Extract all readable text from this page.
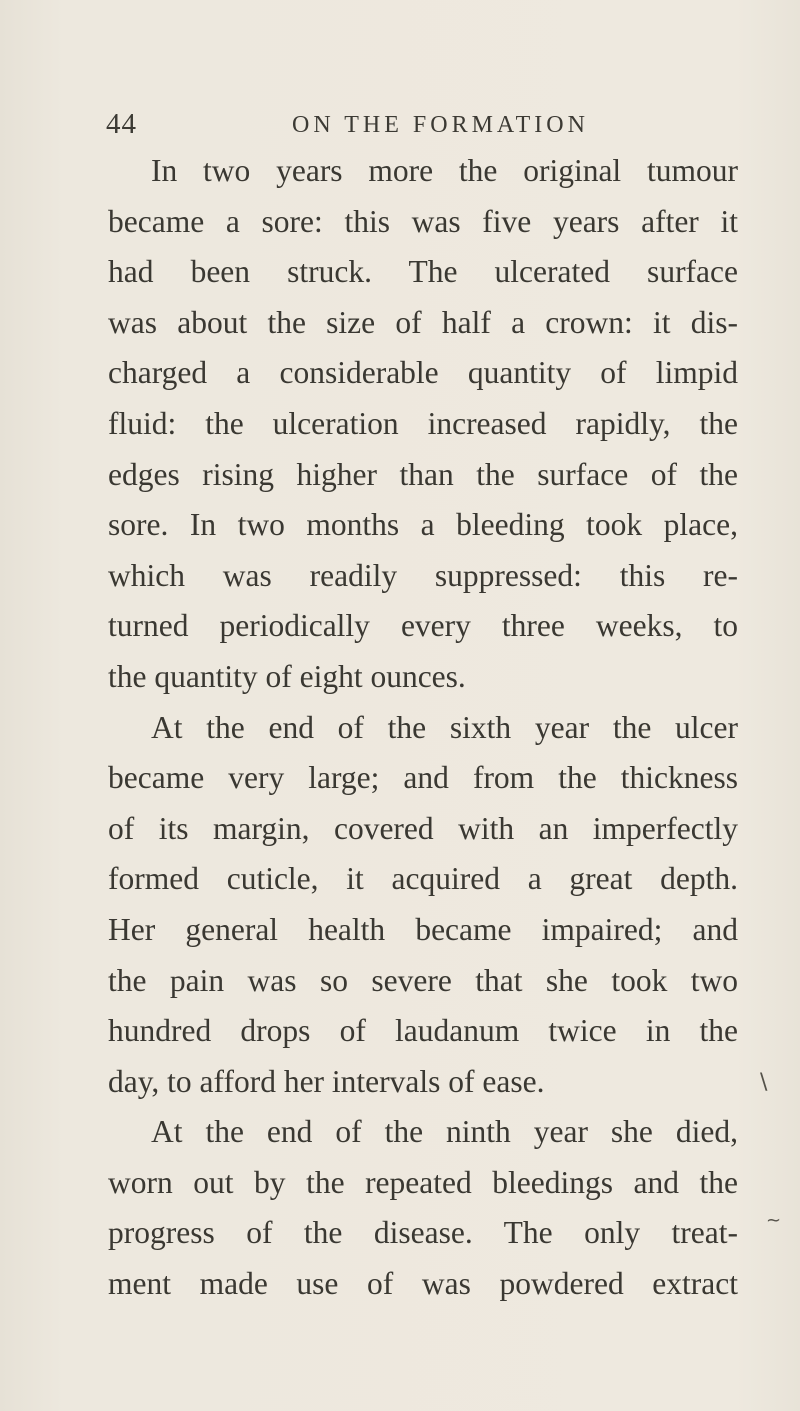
44	ON THE FORMATION
In two years more the original tumour
became a sore: this was five years after it
had been struck. The ulcerated surface
was about the size of half a crown: it dis-
charged a considerable quantity of limpid
fluid: the ulceration increased rapidly, the
edges rising higher than the surface of the
sore. In two months a bleeding took place,
which was readily suppressed: this re-
turned periodically every three weeks, to
the quantity of eight ounces.
At the end of the sixth year the ulcer
became very large; and from the thickness
of its margin, covered with an imperfectly
formed cuticle, it acquired a great depth.
Her general health became impaired; and
the pain was so severe that she took two
hundred drops of laudanum twice in the
day, to afford her intervals of ease.
At the end of the ninth year she died,
worn out by the repeated bleedings and the
progress of the disease. The only treat-
ment made use of was powdered extract
\
~
